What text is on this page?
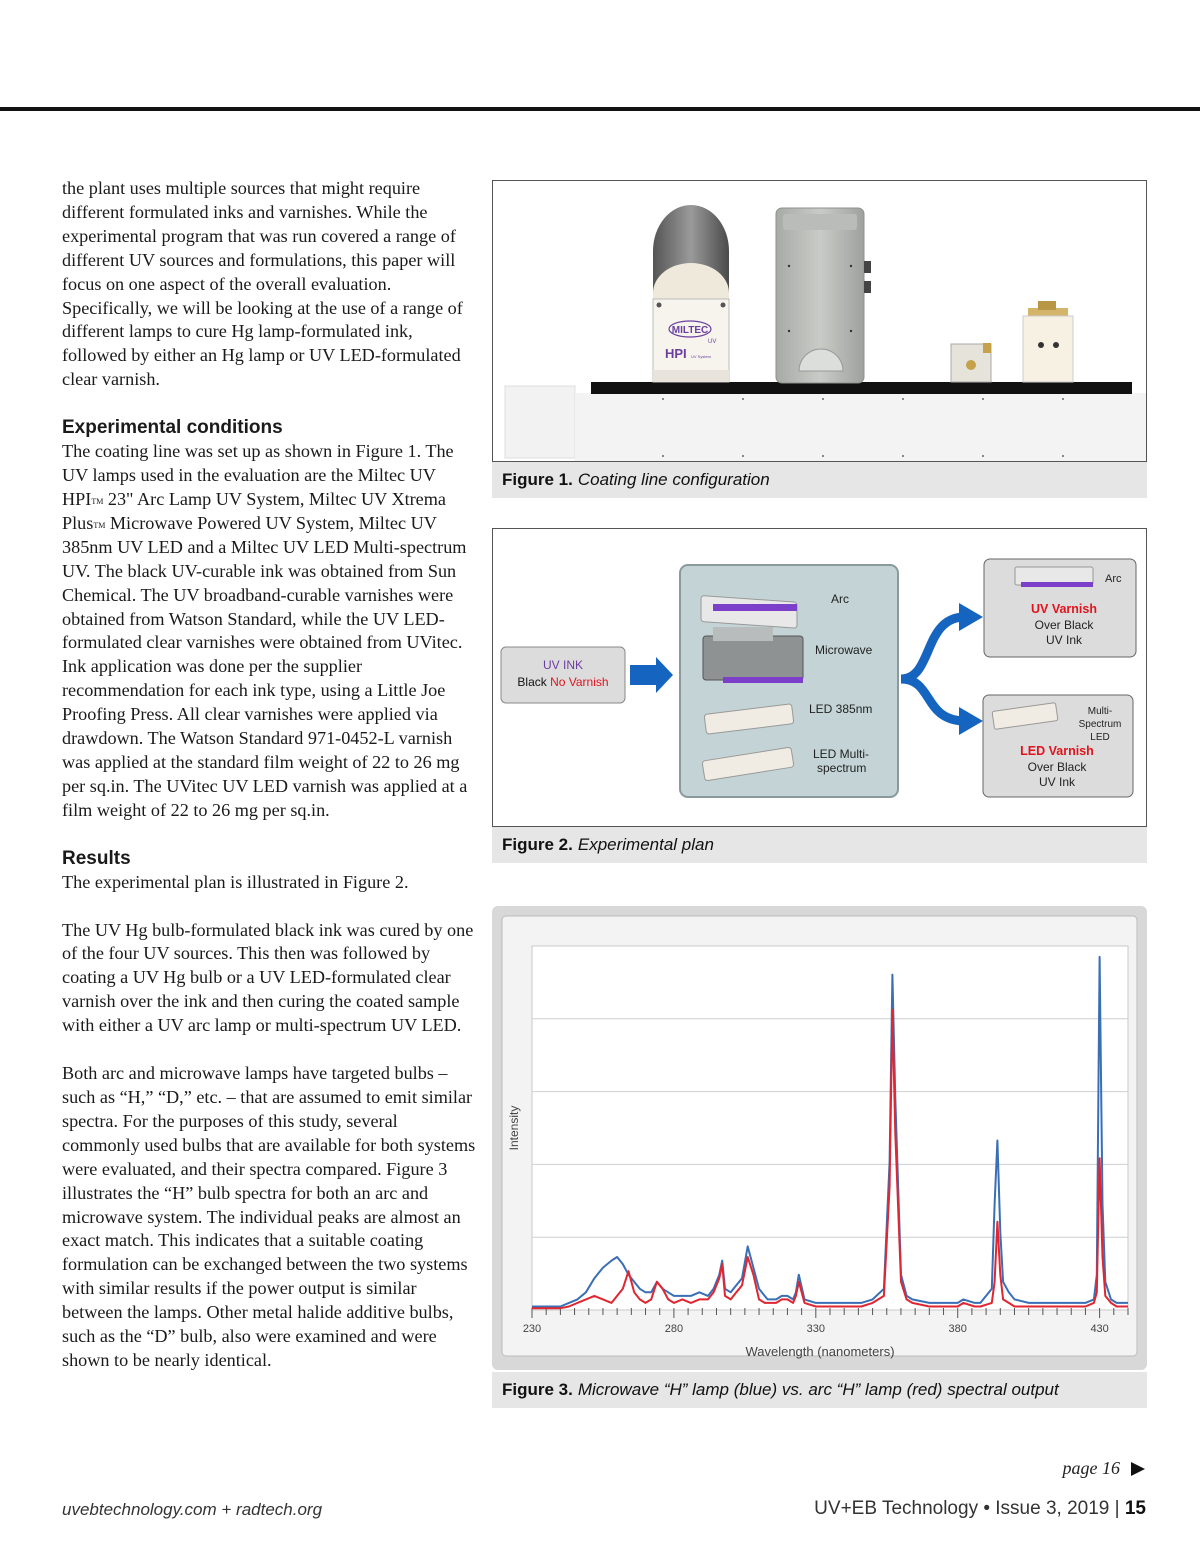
the plant uses multiple sources that might require different formulated inks and varnishes. While the experimental program that was run covered a range of different UV sources and formulations, this paper will focus on one aspect of the overall evaluation. Specifically, we will be looking at the use of a range of different lamps to cure Hg lamp-formulated ink, followed by either an Hg lamp or UV LED-formulated clear varnish.

Experimental conditions

The coating line was set up as shown in Figure 1. The UV lamps used in the evaluation are the Miltec UV HPI™ 23" Arc Lamp UV System, Miltec UV Xtrema Plus™ Microwave Powered UV System, Miltec UV 385nm UV LED and a Miltec UV LED Multi-spectrum UV. The black UV-curable ink was obtained from Sun Chemical. The UV broadband-curable varnishes were obtained from Watson Standard, while the UV LED-formulated clear varnishes were obtained from UVitec. Ink application was done per the supplier recommendation for each ink type, using a Little Joe Proofing Press. All clear varnishes were applied via drawdown. The Watson Standard 971-0452-L varnish was applied at the standard film weight of 22 to 26 mg per sq.in. The UVitec UV LED varnish was applied at a film weight of 22 to 26 mg per sq.in.

Results

The experimental plan is illustrated in Figure 2.

The UV Hg bulb-formulated black ink was cured by one of the four UV sources. This then was followed by coating a UV Hg bulb or a UV LED-formulated clear varnish over the ink and then curing the coated sample with either a UV arc lamp or multi-spectrum UV LED.

Both arc and microwave lamps have targeted bulbs – such as “H,” “D,” etc. – that are assumed to emit similar spectra. For the purposes of this study, several commonly used bulbs that are available for both systems were evaluated, and their spectra compared. Figure 3 illustrates the “H” bulb spectra for both an arc and microwave system. The individual peaks are almost an exact match. This indicates that a suitable coating formulation can be exchanged between the two systems with similar results if the power output is similar between the lamps. Other metal halide additive bulbs, such as the “D” bulb, also were examined and were shown to be nearly identical.

MILTEC
UV
HPI UV System
Figure 1. Coating line configuration
UV INK
Black No Varnish
Arc
Microwave
LED 385nm
LED Multi-
spectrum
Arc
UV Varnish
Over Black
UV Ink
Multi-
Spectrum
LED
LED Varnish
Over Black
UV Ink
Figure 2. Experimental plan
230	280	330	380	430
Intensity
Wavelength (nanometers)
Figure 3. Microwave “H” lamp (blue) vs. arc “H” lamp (red) spectral output
page 16
uvebtechnology.com + radtech.org	UV+EB Technology • Issue 3, 2019 | 15
